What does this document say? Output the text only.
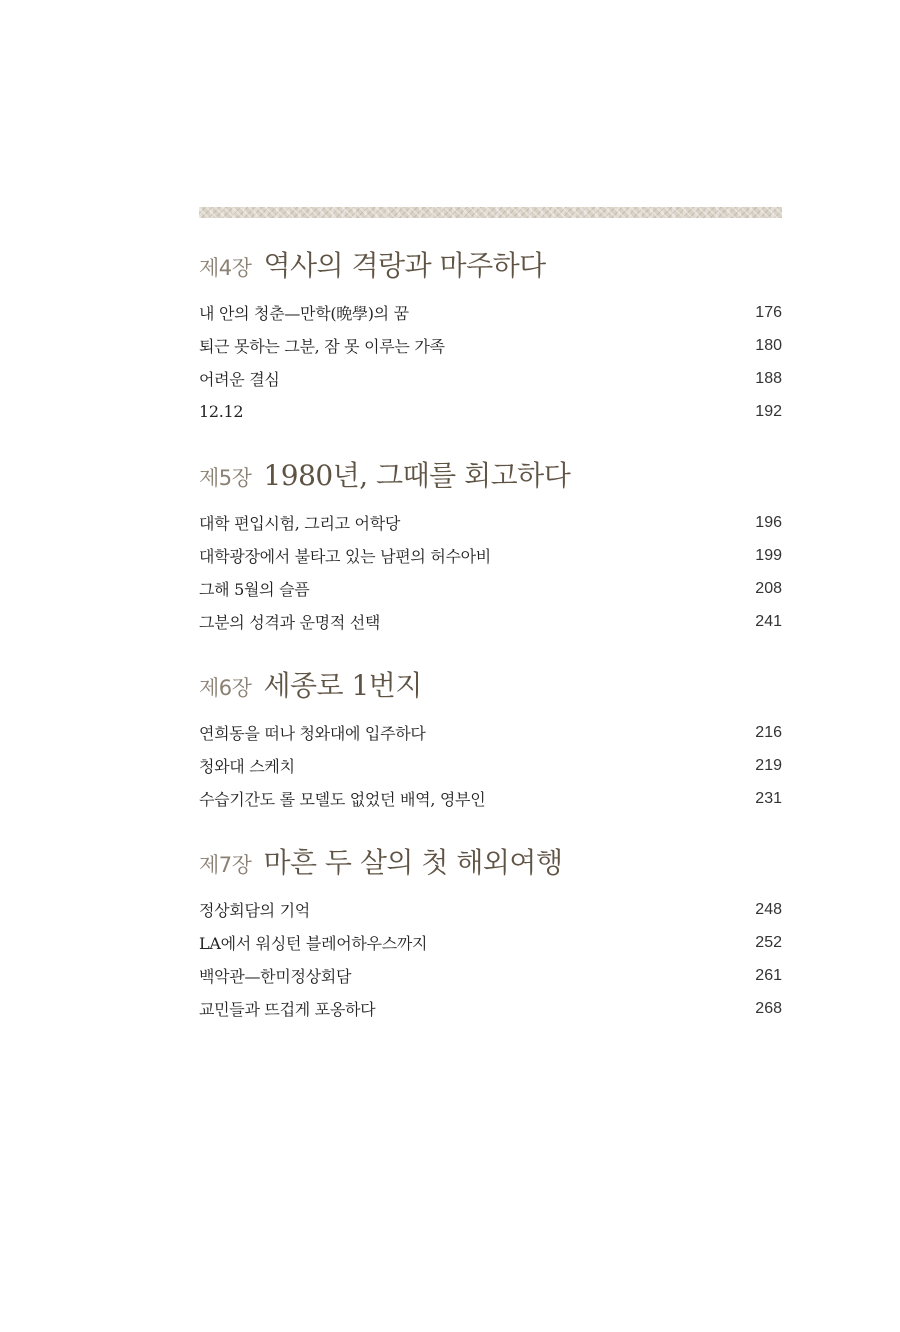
제4장 역사의 격랑과 마주하다
내 안의 청춘—만학(晩學)의 꿈	176
퇴근 못하는 그분, 잠 못 이루는 가족	180
어려운 결심	188
12.12	192
제5장 1980년, 그때를 회고하다
대학 편입시험, 그리고 어학당	196
대학광장에서 불타고 있는 남편의 허수아비	199
그해 5월의 슬픔	208
그분의 성격과 운명적 선택	241
제6장 세종로 1번지
연희동을 떠나 청와대에 입주하다	216
청와대 스케치	219
수습기간도 롤 모델도 없었던 배역, 영부인	231
제7장 마흔 두 살의 첫 해외여행
정상회담의 기억	248
LA에서 워싱턴 블레어하우스까지	252
백악관—한미정상회담	261
교민들과 뜨겁게 포옹하다	268
